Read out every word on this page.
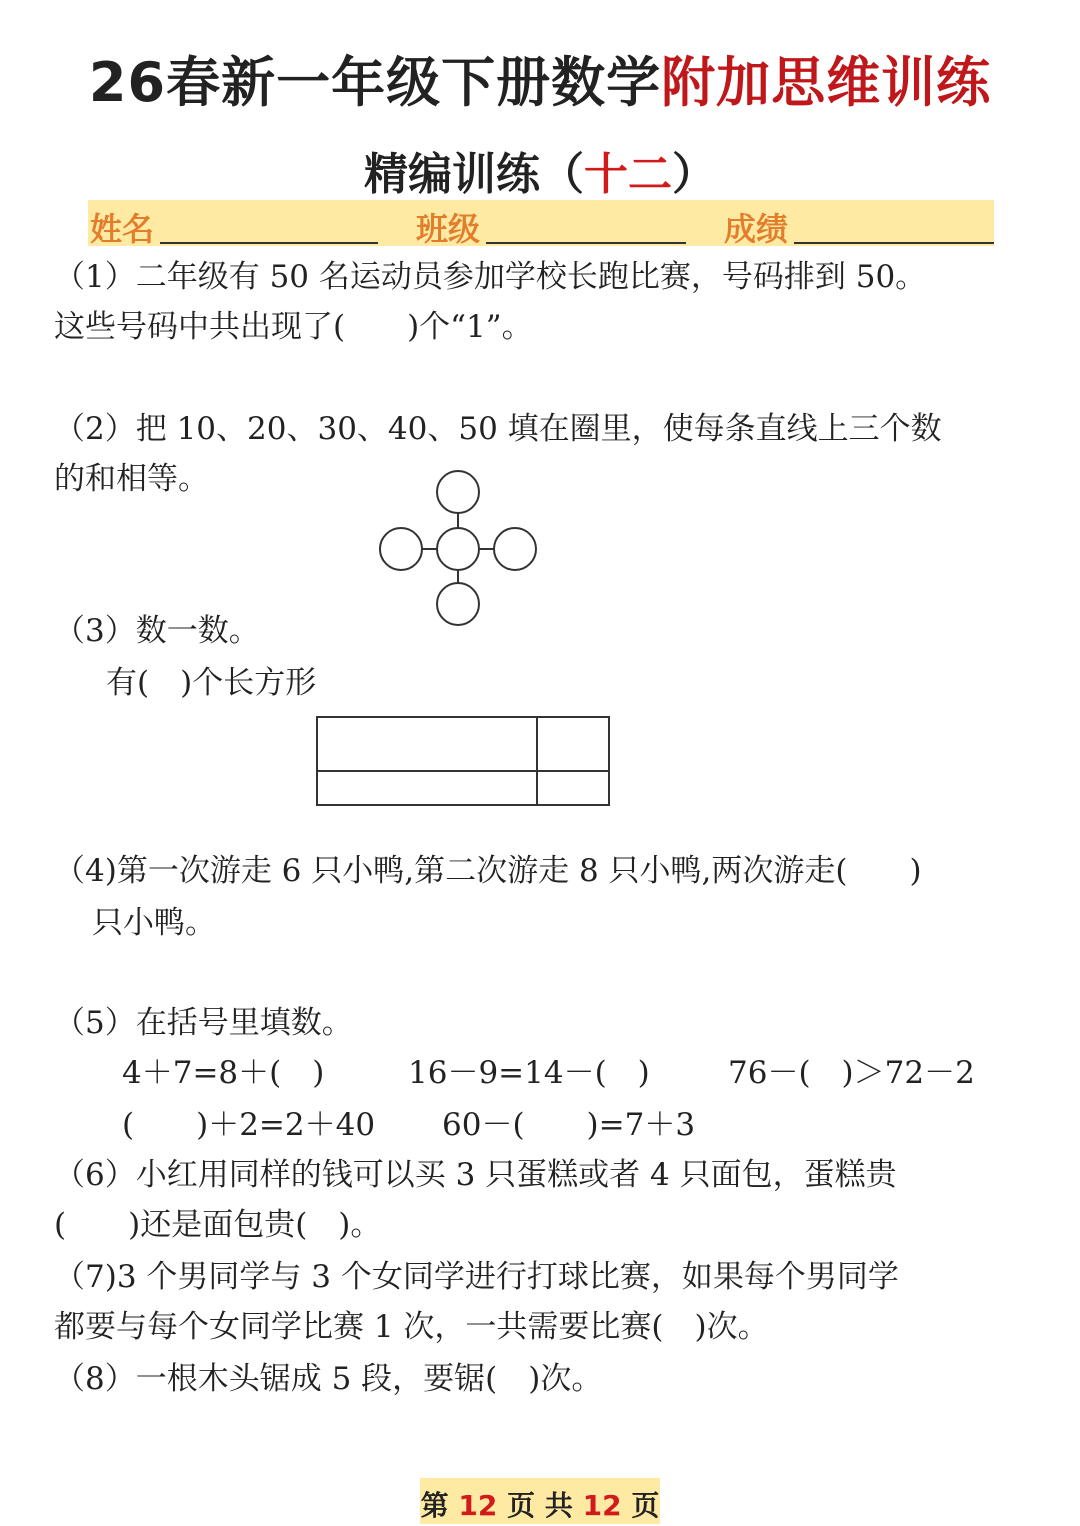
26春新一年级下册数学附加思维训练
精编训练（十二）
姓名	班级	成绩
（1）二年级有 50 名运动员参加学校长跑比赛，号码排到 50。
这些号码中共出现了(　　)个“1”。
（2）把 10、20、30、40、50 填在圈里，使每条直线上三个数
的和相等。
（3）数一数。
有(　)个长方形
（4)第一次游走 6 只小鸭,第二次游走 8 只小鸭,两次游走(　　)
只小鸭。
（5）在括号里填数。
4＋7=8＋(　)	16－9=14－(　)	76－(　)＞72－2
(　　)＋2=2＋40 60－(　　)=7＋3
（6）小红用同样的钱可以买 3 只蛋糕或者 4 只面包，蛋糕贵
(　　)还是面包贵(　)。
（7)3 个男同学与 3 个女同学进行打球比赛，如果每个男同学
都要与每个女同学比赛 1 次，一共需要比赛(　)次。
（8）一根木头锯成 5 段，要锯(　)次。
第 12 页 共 12 页
